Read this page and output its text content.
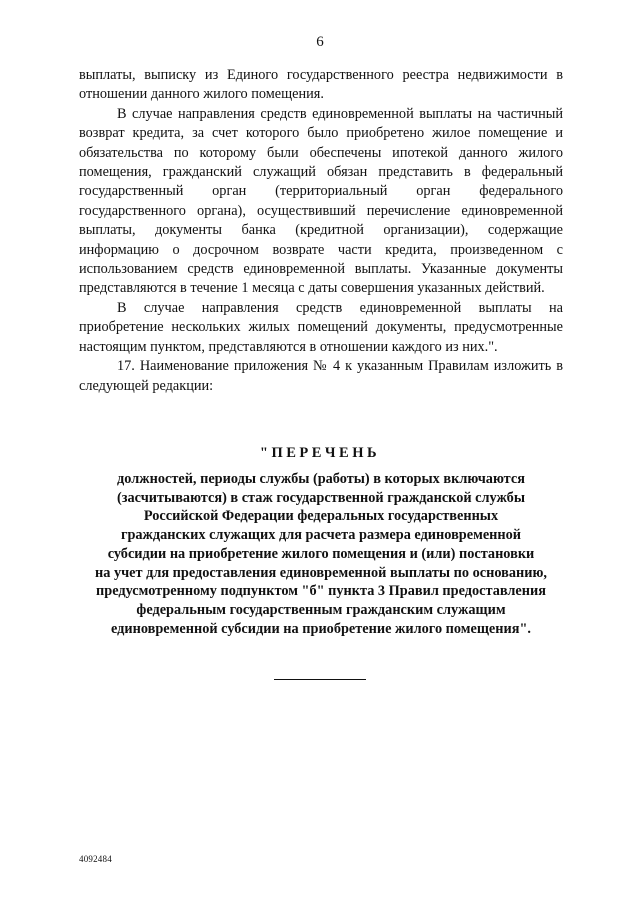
6

выплаты, выписку из Единого государственного реестра недвижимости в отношении данного жилого помещения.

В случае направления средств единовременной выплаты на частичный возврат кредита, за счет которого было приобретено жилое помещение и обязательства по которому были обеспечены ипотекой данного жилого помещения, гражданский служащий обязан представить в федеральный государственный орган (территориальный орган федерального государственного органа), осуществивший перечисление единовременной выплаты, документы банка (кредитной организации), содержащие информацию о досрочном возврате части кредита, произведенном с использованием средств единовременной выплаты. Указанные документы представляются в течение 1 месяца с даты совершения указанных действий.

В случае направления средств единовременной выплаты на приобретение нескольких жилых помещений документы, предусмотренные настоящим пунктом, представляются в отношении каждого из них.".

17. Наименование приложения № 4 к указанным Правилам изложить в следующей редакции:

"ПЕРЕЧЕНЬ
должностей, периоды службы (работы) в которых включаются
(засчитываются) в стаж государственной гражданской службы
Российской Федерации федеральных государственных
гражданских служащих для расчета размера единовременной
субсидии на приобретение жилого помещения и (или) постановки
на учет для предоставления единовременной выплаты по основанию,
предусмотренному подпунктом "б" пункта 3 Правил предоставления
федеральным государственным гражданским служащим
единовременной субсидии на приобретение жилого помещения".
4092484
